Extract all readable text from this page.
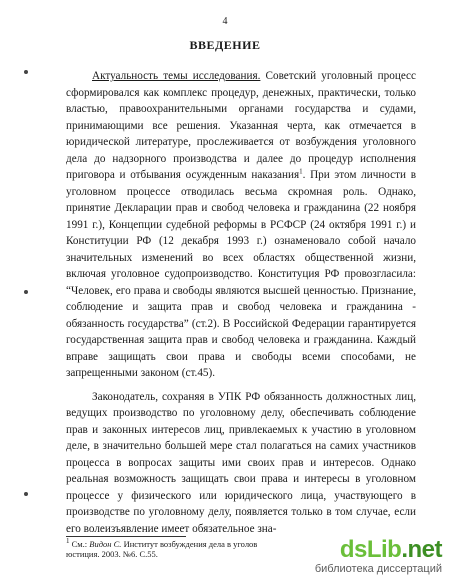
4
ВВЕДЕНИЕ

Актуальность темы исследования. Советский уголовный процесс сформировался как комплекс процедур, денежных, практически, только властью, правоохранительными органами государства и судами, принимающими все решения. Указанная черта, как отмечается в юридической литературе, прослеживается от возбуждения уголовного дела до надзорного производства и далее до процедур исполнения приговора и отбывания осужденным наказания$^1$. При этом личности в уголовном процессе отводилась весьма скромная роль. Однако, принятие Декларации прав и свобод человека и гражданина (22 ноября 1991 г.), Концепции судебной реформы в РСФСР (24 октября 1991 г.) и Конституции РФ (12 декабря 1993 г.) ознаменовало собой начало значительных изменений во всех областях общественной жизни, включая уголовное судопроизводство. Конституция РФ провозгласила: “Человек, его права и свободы являются высшей ценностью. Признание, соблюдение и защита прав и свобод человека и гражданина - обязанность государства” (ст.2). В Российской Федерации гарантируется государственная защита прав и свобод человека и гражданина. Каждый вправе защищать свои права и свободы всеми способами, не запрещенными законом (ст.45).

Законодатель, сохраняя в УПК РФ обязанность должностных лиц, ведущих производство по уголовному делу, обеспечивать соблюдение прав и законных интересов лиц, привлекаемых к участию в уголовном деле, в значительно большей мере стал полагаться на самих участников процесса в вопросах защиты ими своих прав и интересов. Однако реальная возможность защищать свои права и интересы в уголовном процессе у физического или юридического лица, участвующего в производстве по уголовному делу, появляется только в том случае, если его волеизъявление имеет обязательное зна-

$^1$ См.: Видон С. Институт возбуждения дела в уголов
юстиция. 2003. №6. С.55.	dsLib.net
библиотека диссертаций
